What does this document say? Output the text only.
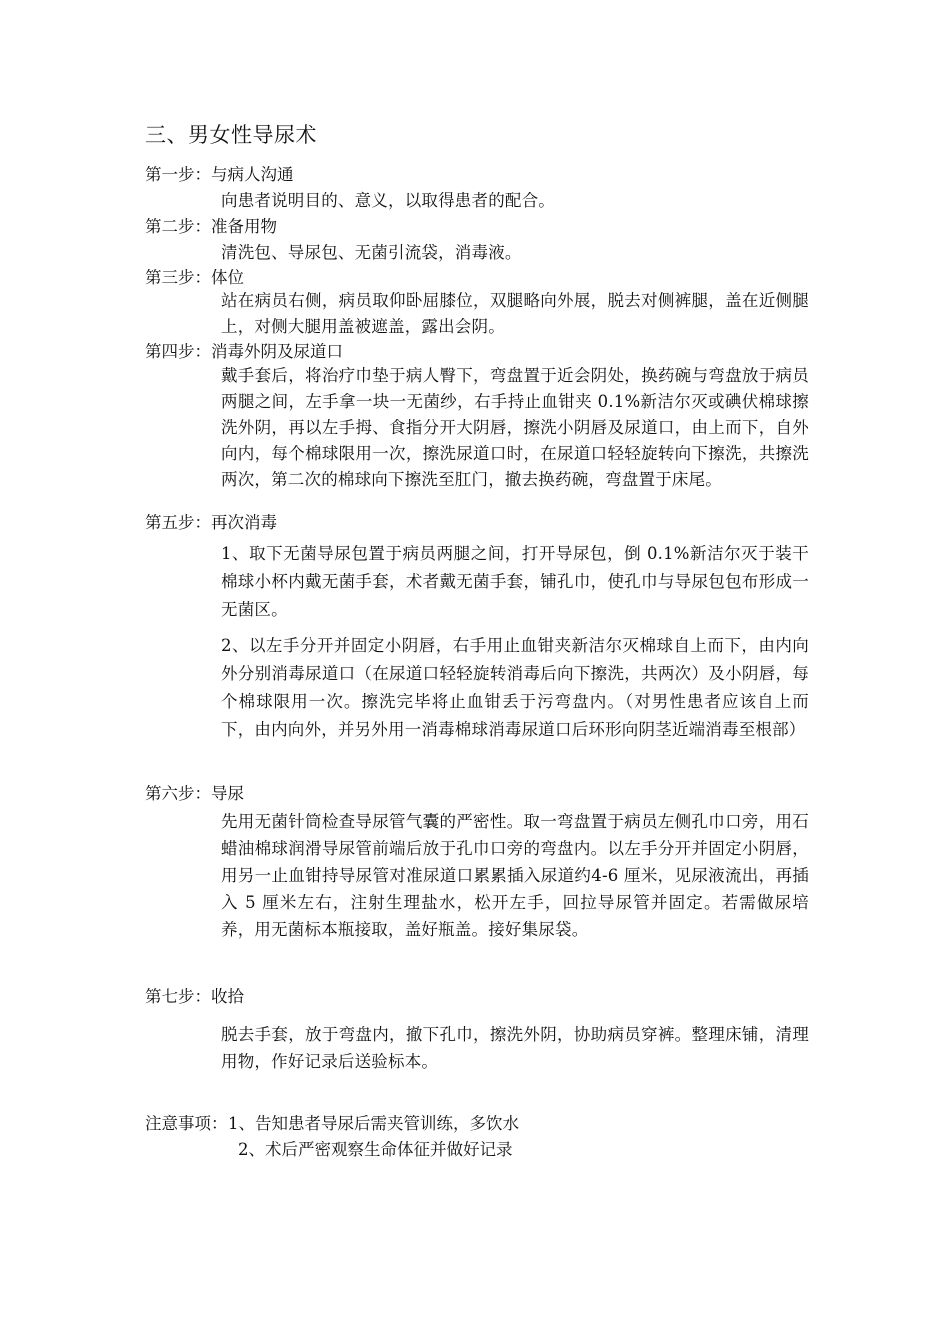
三、男女性导尿术
第一步：与病人沟通
向患者说明目的、意义，以取得患者的配合。
第二步：准备用物
清洗包、导尿包、无菌引流袋，消毒液。
第三步：体位
站在病员右侧，病员取仰卧屈膝位，双腿略向外展，脱去对侧裤腿，盖在近侧腿上，对侧大腿用盖被遮盖，露出会阴。
第四步：消毒外阴及尿道口
戴手套后，将治疗巾垫于病人臀下，弯盘置于近会阴处，换药碗与弯盘放于病员两腿之间，左手拿一块一无菌纱，右手持止血钳夹 0.1%新洁尔灭或碘伏棉球擦洗外阴，再以左手拇、食指分开大阴唇，擦洗小阴唇及尿道口，由上而下，自外向内，每个棉球限用一次，擦洗尿道口时，在尿道口轻轻旋转向下擦洗，共擦洗两次，第二次的棉球向下擦洗至肛门，撤去换药碗，弯盘置于床尾。
第五步：再次消毒
1、取下无菌导尿包置于病员两腿之间，打开导尿包，倒 0.1%新洁尔灭于装干棉球小杯内戴无菌手套，术者戴无菌手套，铺孔巾，使孔巾与导尿包包布形成一无菌区。
2、以左手分开并固定小阴唇，右手用止血钳夹新洁尔灭棉球自上而下，由内向外分别消毒尿道口（在尿道口轻轻旋转消毒后向下擦洗，共两次）及小阴唇，每个棉球限用一次。擦洗完毕将止血钳丢于污弯盘内。（对男性患者应该自上而下，由内向外，并另外用一消毒棉球消毒尿道口后环形向阴茎近端消毒至根部）
第六步：导尿
先用无菌针筒检查导尿管气囊的严密性。取一弯盘置于病员左侧孔巾口旁，用石蜡油棉球润滑导尿管前端后放于孔巾口旁的弯盘内。以左手分开并固定小阴唇，用另一止血钳持导尿管对准尿道口累累插入尿道约4-6 厘米，见尿液流出，再插入 5 厘米左右，注射生理盐水，松开左手，回拉导尿管并固定。若需做尿培养，用无菌标本瓶接取，盖好瓶盖。接好集尿袋。
第七步：收拾
脱去手套，放于弯盘内，撤下孔巾，擦洗外阴，协助病员穿裤。整理床铺，清理用物，作好记录后送验标本。
注意事项： 1、告知患者导尿后需夹管训练，多饮水
2、术后严密观察生命体征并做好记录
